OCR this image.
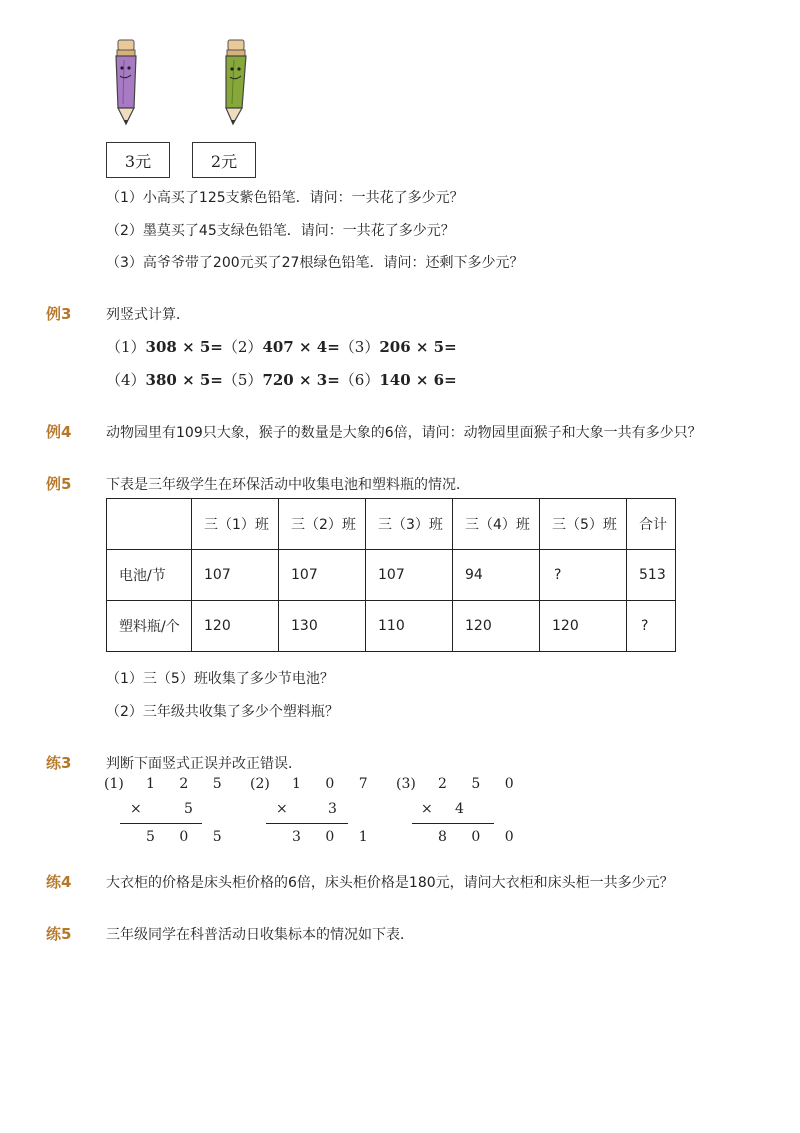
3元	2元
（1）小高买了125支紫色铅笔．请问：一共花了多少元？
（2）墨莫买了45支绿色铅笔．请问：一共花了多少元？
（3）高爷爷带了200元买了27根绿色铅笔．请问：还剩下多少元？
例3 列竖式计算．
（1）308 × 5=（2）407 × 4=（3）206 × 5=
（4）380 × 5=（5）720 × 3=（6）140 × 6=
例4 动物园里有109只大象，猴子的数量是大象的6倍，请问：动物园里面猴子和大象一共有多少只？
例5 下表是三年级学生在环保活动中收集电池和塑料瓶的情况．
	三（1）班	三（2）班	三（3）班	三（4）班	三（5）班	合计
电池/节	107	107	107	94	?	513
塑料瓶/个	120	130	110	120	120	?
（1）三（5）班收集了多少节电池？
（2）三年级共收集了多少个塑料瓶？
练3 判断下面竖式正误并改正错误．
(1) 1 2 5
× 5
5 0 5
(2) 1 0 7
× 3
3 0 1
(3) 2 5 0
× 4
8 0 0
练4 大衣柜的价格是床头柜价格的6倍，床头柜价格是180元，请问大衣柜和床头柜一共多少元？
练5 三年级同学在科普活动日收集标本的情况如下表．
